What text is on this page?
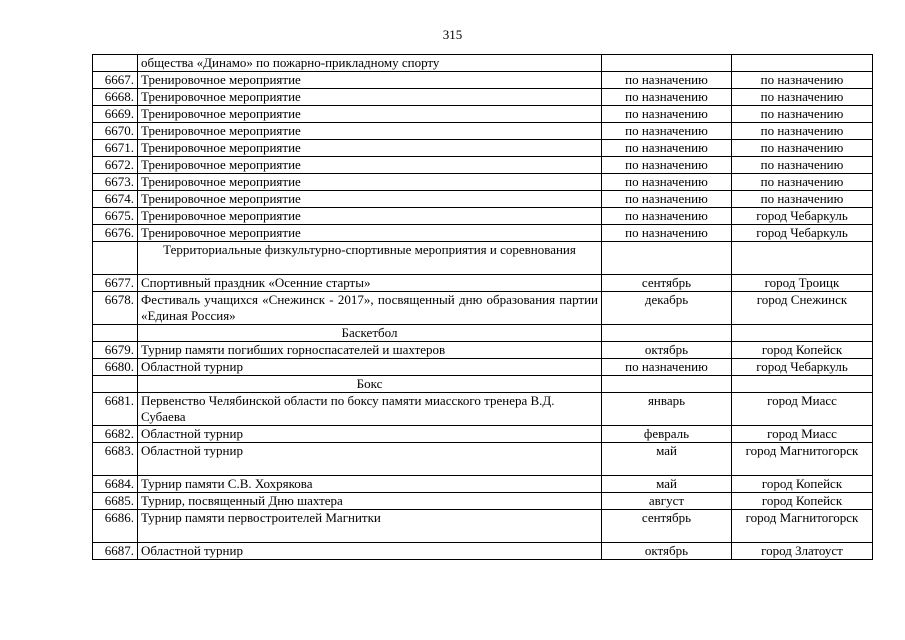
315
	общества «Динамо» по пожарно-прикладному спорту		
6667.	Тренировочное мероприятие	по назначению	по назначению
6668.	Тренировочное мероприятие	по назначению	по назначению
6669.	Тренировочное мероприятие	по назначению	по назначению
6670.	Тренировочное мероприятие	по назначению	по назначению
6671.	Тренировочное мероприятие	по назначению	по назначению
6672.	Тренировочное мероприятие	по назначению	по назначению
6673.	Тренировочное мероприятие	по назначению	по назначению
6674.	Тренировочное мероприятие	по назначению	по назначению
6675.	Тренировочное мероприятие	по назначению	город Чебаркуль
6676.	Тренировочное мероприятие	по назначению	город Чебаркуль
	Территориальные физкультурно-спортивные мероприятия и соревнования		
6677.	Спортивный праздник «Осенние старты»	сентябрь	город Троицк
6678.	Фестиваль учащихся «Снежинск - 2017», посвященный дню образования партии «Единая Россия»	декабрь	город Снежинск
	Баскетбол		
6679.	Турнир памяти погибших горноспасателей и шахтеров	октябрь	город Копейск
6680.	Областной турнир	по назначению	город Чебаркуль
	Бокс		
6681.	Первенство Челябинской области по боксу памяти миасского тренера В.Д. Субаева	январь	город Миасс
6682.	Областной турнир	февраль	город Миасс
6683.	Областной турнир	май	город Магнитогорск
6684.	Турнир памяти С.В. Хохрякова	май	город Копейск
6685.	Турнир, посвященный Дню шахтера	август	город Копейск
6686.	Турнир памяти первостроителей Магнитки	сентябрь	город Магнитогорск
6687.	Областной турнир	октябрь	город Златоуст
